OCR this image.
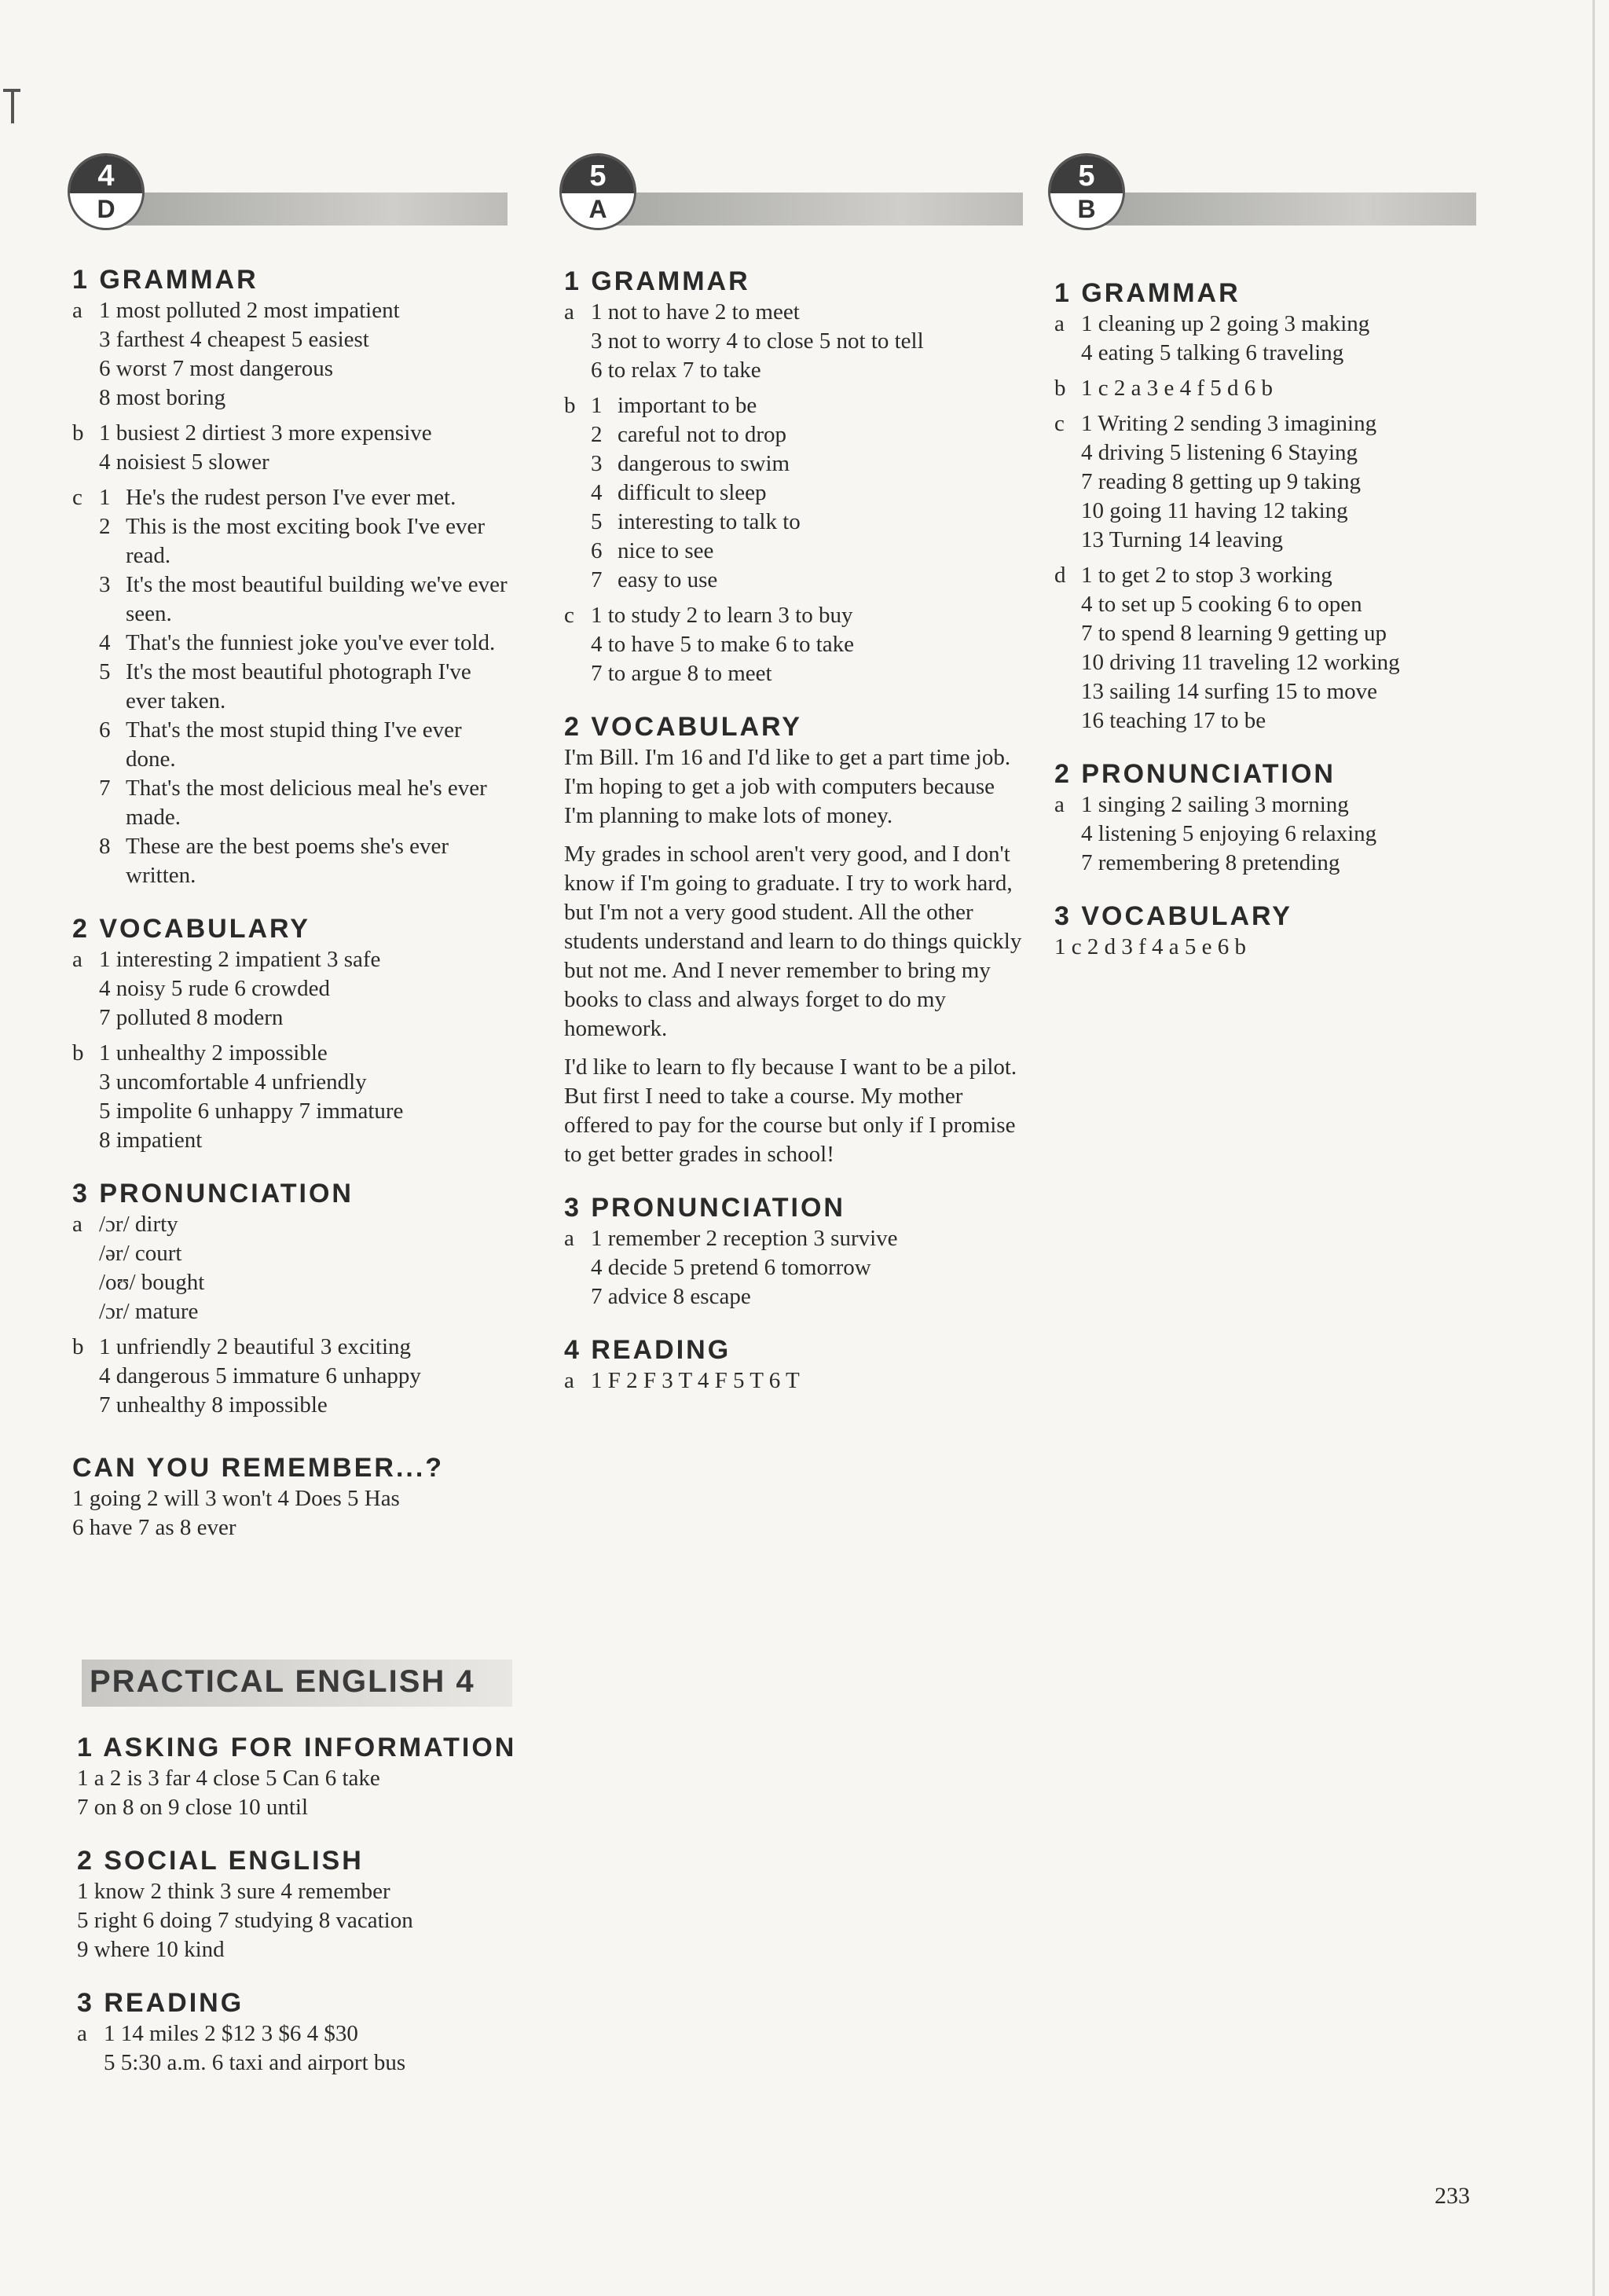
4
D
5
A
5
B
1 GRAMMAR
a 1 most polluted 2 most impatient
3 farthest 4 cheapest 5 easiest
6 worst 7 most dangerous
8 most boring
b 1 busiest 2 dirtiest 3 more expensive
4 noisiest 5 slower
c 1 He's the rudest person I've ever met.
2 This is the most exciting book I've ever read.
3 It's the most beautiful building we've ever seen.
4 That's the funniest joke you've ever told.
5 It's the most beautiful photograph I've ever taken.
6 That's the most stupid thing I've ever done.
7 That's the most delicious meal he's ever made.
8 These are the best poems she's ever written.
2 VOCABULARY
a 1 interesting 2 impatient 3 safe
4 noisy 5 rude 6 crowded
7 polluted 8 modern
b 1 unhealthy 2 impossible
3 uncomfortable 4 unfriendly
5 impolite 6 unhappy 7 immature
8 impatient
3 PRONUNCIATION
a /ɔr/ dirty
/ər/ court
/oʊ/ bought
/ɔr/ mature
b 1 unfriendly 2 beautiful 3 exciting
4 dangerous 5 immature 6 unhappy
7 unhealthy 8 impossible
CAN YOU REMEMBER...?
1 going 2 will 3 won't 4 Does 5 Has
6 have 7 as 8 ever
PRACTICAL ENGLISH 4
1 ASKING FOR INFORMATION
1 a 2 is 3 far 4 close 5 Can 6 take
7 on 8 on 9 close 10 until
2 SOCIAL ENGLISH
1 know 2 think 3 sure 4 remember
5 right 6 doing 7 studying 8 vacation
9 where 10 kind
3 READING
a 1 14 miles 2 $12 3 $6 4 $30
5 5:30 a.m. 6 taxi and airport bus
1 GRAMMAR
a 1 not to have 2 to meet
3 not to worry 4 to close 5 not to tell
6 to relax 7 to take
b 1 important to be
2 careful not to drop
3 dangerous to swim
4 difficult to sleep
5 interesting to talk to
6 nice to see
7 easy to use
c 1 to study 2 to learn 3 to buy
4 to have 5 to make 6 to take
7 to argue 8 to meet
2 VOCABULARY

I'm Bill. I'm 16 and I'd like to get a part time job. I'm hoping to get a job with computers because I'm planning to make lots of money.

My grades in school aren't very good, and I don't know if I'm going to graduate. I try to work hard, but I'm not a very good student. All the other students understand and learn to do things quickly but not me. And I never remember to bring my books to class and always forget to do my homework.

I'd like to learn to fly because I want to be a pilot. But first I need to take a course. My mother offered to pay for the course but only if I promise to get better grades in school!

3 PRONUNCIATION
a 1 remember 2 reception 3 survive
4 decide 5 pretend 6 tomorrow
7 advice 8 escape
4 READING
a 1 F 2 F 3 T 4 F 5 T 6 T
1 GRAMMAR
a 1 cleaning up 2 going 3 making
4 eating 5 talking 6 traveling
b 1 c 2 a 3 e 4 f 5 d 6 b
c 1 Writing 2 sending 3 imagining
4 driving 5 listening 6 Staying
7 reading 8 getting up 9 taking
10 going 11 having 12 taking
13 Turning 14 leaving
d 1 to get 2 to stop 3 working
4 to set up 5 cooking 6 to open
7 to spend 8 learning 9 getting up
10 driving 11 traveling 12 working
13 sailing 14 surfing 15 to move
16 teaching 17 to be
2 PRONUNCIATION
a 1 singing 2 sailing 3 morning
4 listening 5 enjoying 6 relaxing
7 remembering 8 pretending
3 VOCABULARY
1 c 2 d 3 f 4 a 5 e 6 b
233
